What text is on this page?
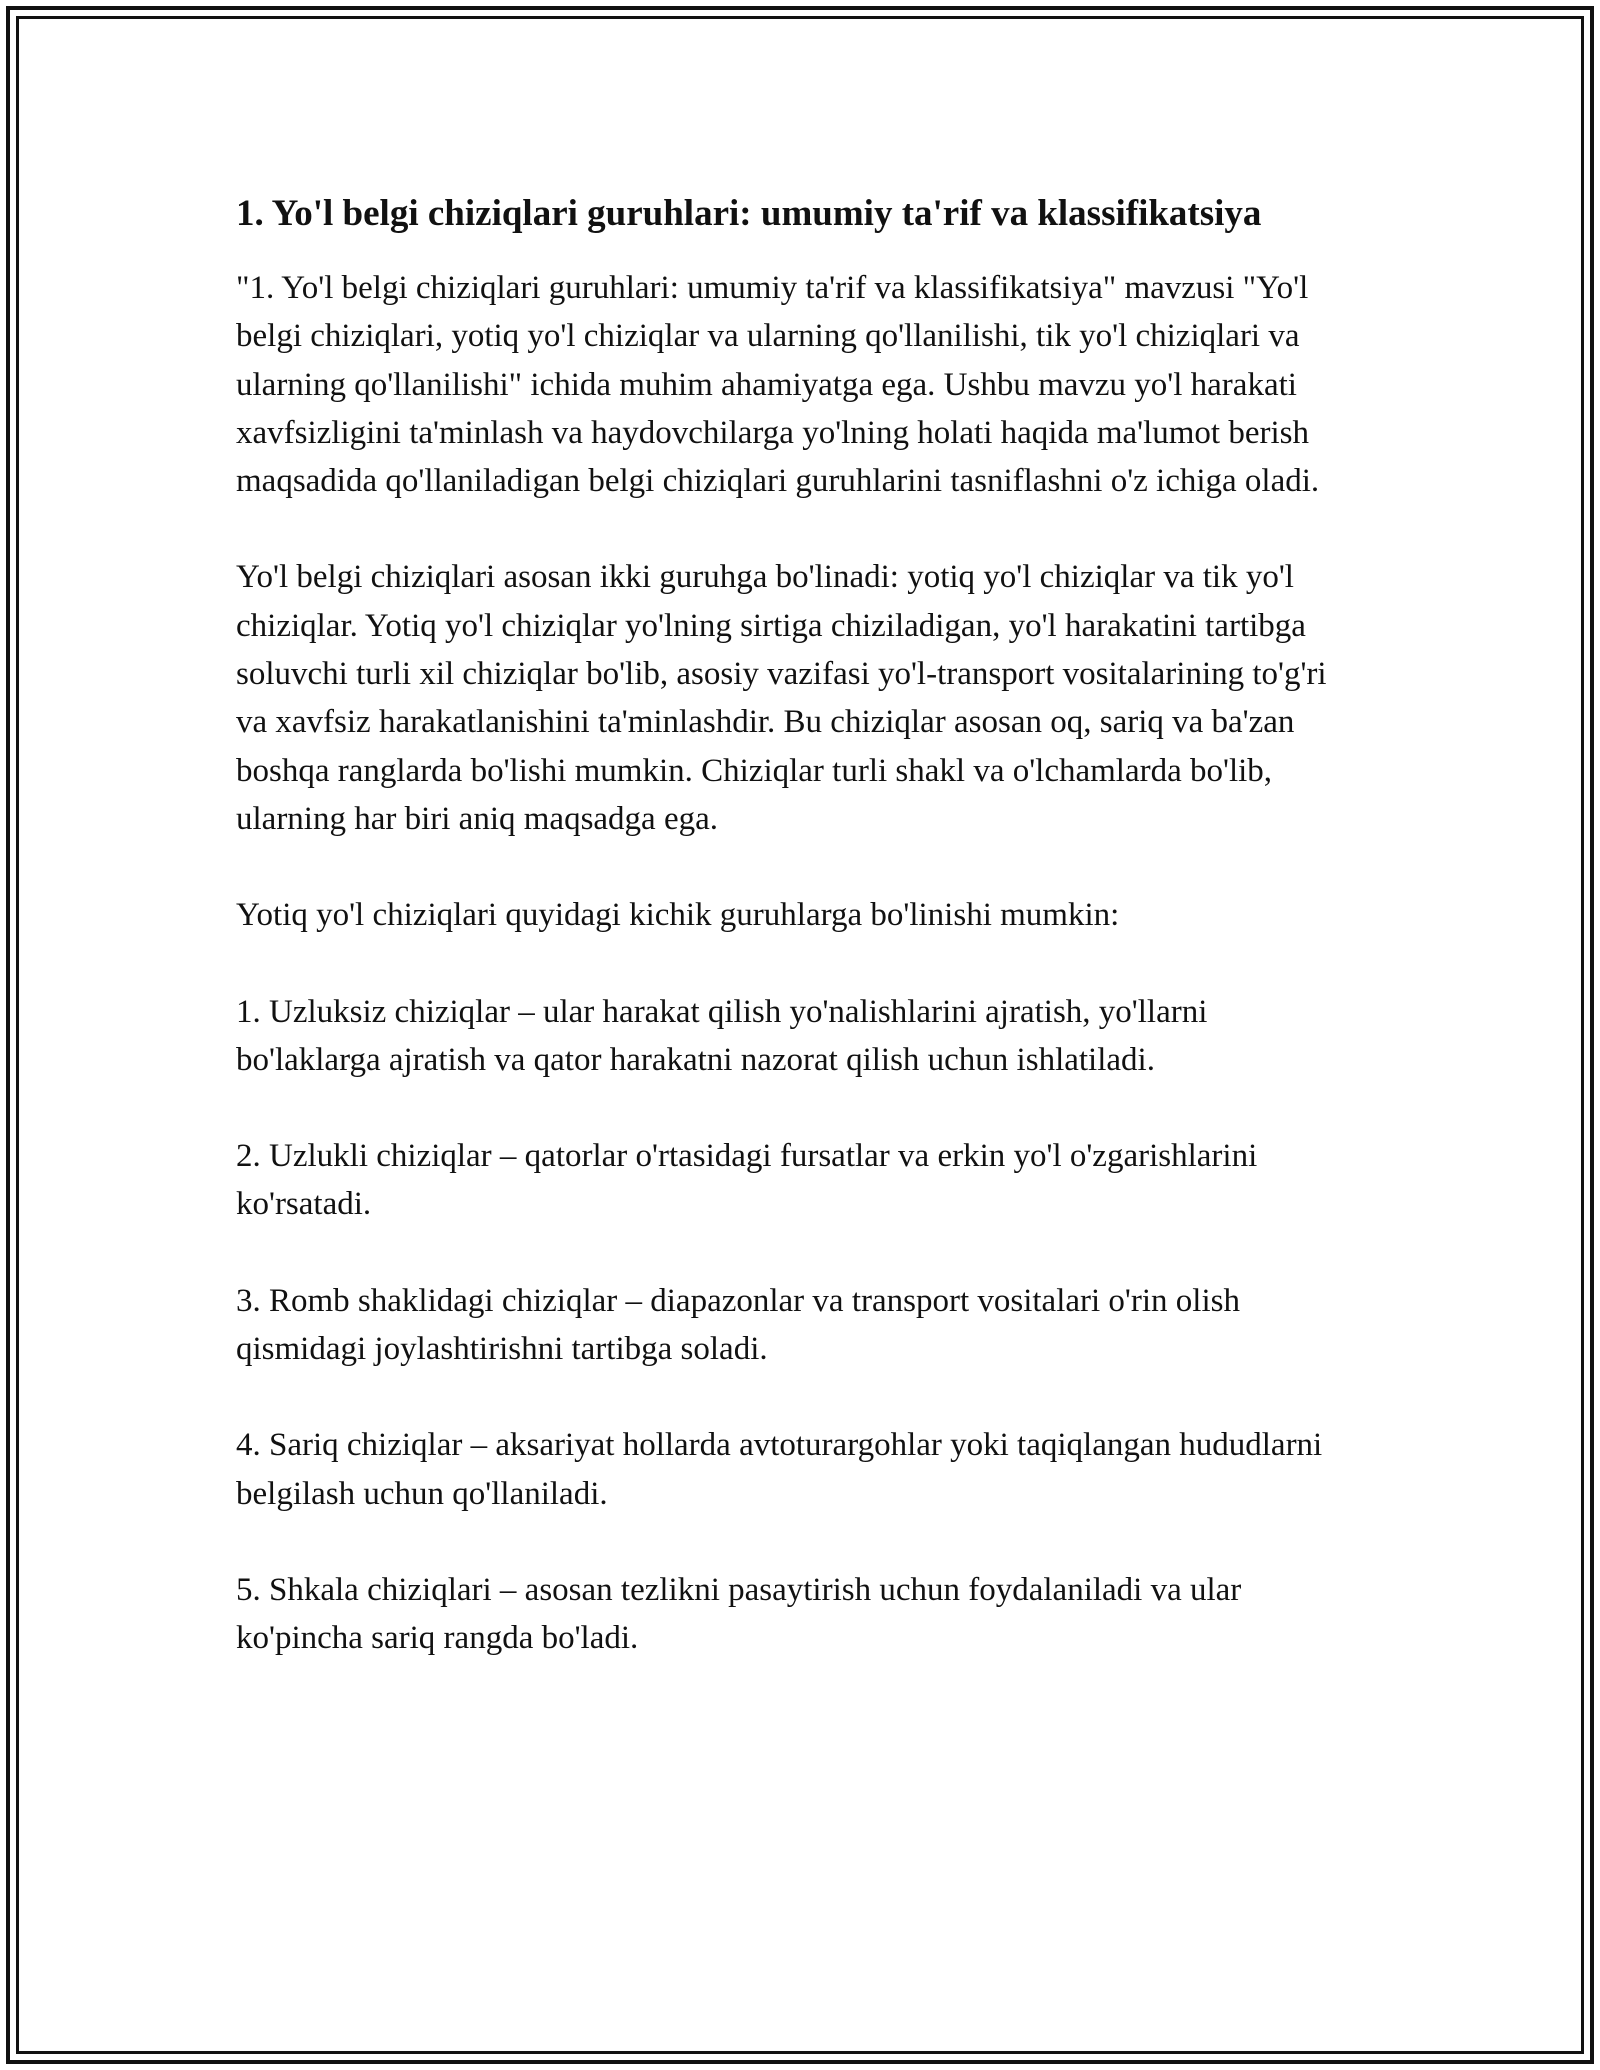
1. Yo'l belgi chiziqlari guruhlari: umumiy ta'rif va klassifikatsiya

"1. Yo'l belgi chiziqlari guruhlari: umumiy ta'rif va klassifikatsiya" mavzusi "Yo'l belgi chiziqlari, yotiq yo'l chiziqlar va ularning qo'llanilishi, tik yo'l chiziqlari va ularning qo'llanilishi" ichida muhim ahamiyatga ega. Ushbu mavzu yo'l harakati xavfsizligini ta'minlash va haydovchilarga yo'lning holati haqida ma'lumot berish maqsadida qo'llaniladigan belgi chiziqlari guruhlarini tasniflashni o'z ichiga oladi.

Yo'l belgi chiziqlari asosan ikki guruhga bo'linadi: yotiq yo'l chiziqlar va tik yo'l chiziqlar. Yotiq yo'l chiziqlar yo'lning sirtiga chiziladigan, yo'l harakatini tartibga soluvchi turli xil chiziqlar bo'lib, asosiy vazifasi yo'l-transport vositalarining to'g'ri va xavfsiz harakatlanishini ta'minlashdir. Bu chiziqlar asosan oq, sariq va ba'zan boshqa ranglarda bo'lishi mumkin. Chiziqlar turli shakl va o'lchamlarda bo'lib, ularning har biri aniq maqsadga ega.

Yotiq yo'l chiziqlari quyidagi kichik guruhlarga bo'linishi mumkin:

1. Uzluksiz chiziqlar – ular harakat qilish yo'nalishlarini ajratish, yo'llarni bo'laklarga ajratish va qator harakatni nazorat qilish uchun ishlatiladi.

2. Uzlukli chiziqlar – qatorlar o'rtasidagi fursatlar va erkin yo'l o'zgarishlarini ko'rsatadi.

3. Romb shaklidagi chiziqlar – diapazonlar va transport vositalari o'rin olish qismidagi joylashtirishni tartibga soladi.

4. Sariq chiziqlar – aksariyat hollarda avtoturargohlar yoki taqiqlangan hududlarni belgilash uchun qo'llaniladi.

5. Shkala chiziqlari – asosan tezlikni pasaytirish uchun foydalaniladi va ular ko'pincha sariq rangda bo'ladi.
